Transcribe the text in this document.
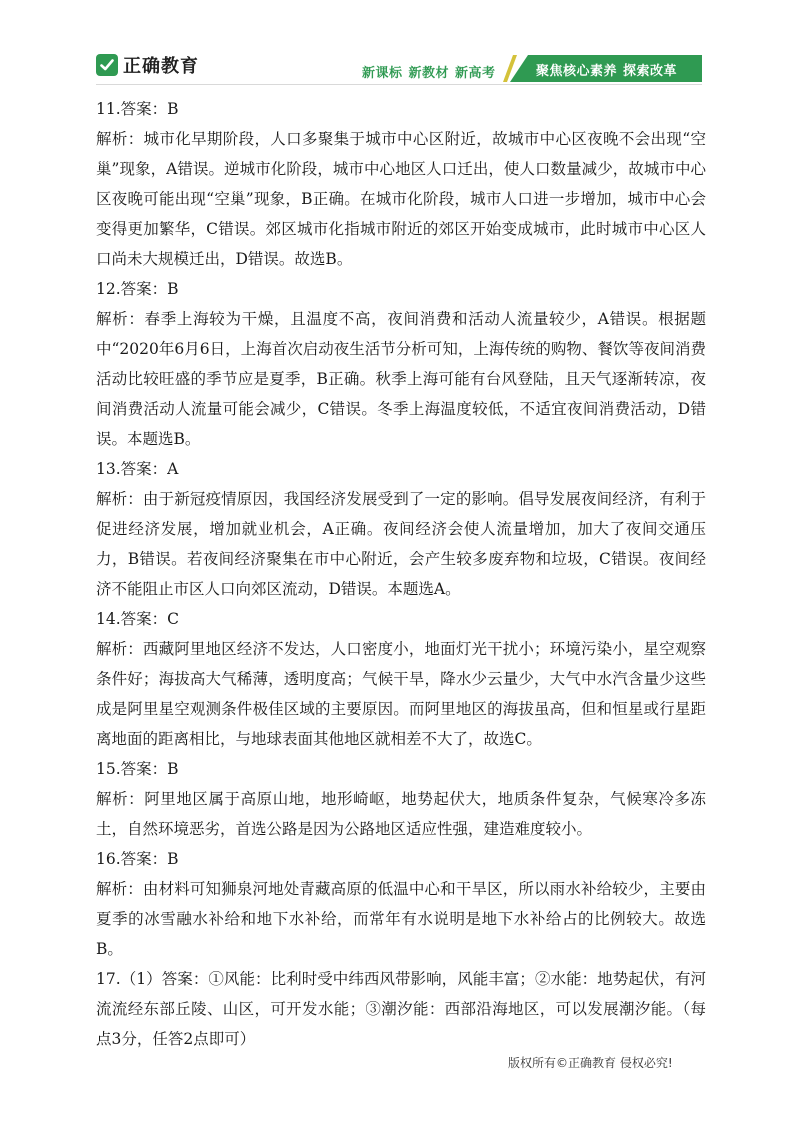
正确教育	新课标 新教材 新高考	聚焦核心素养 探索改革

11.答案：B

解析：城市化早期阶段，人口多聚集于城市中心区附近，故城市中心区夜晚不会出现“空巢”现象，A错误。逆城市化阶段，城市中心地区人口迁出，使人口数量减少，故城市中心区夜晚可能出现“空巢”现象，B正确。在城市化阶段，城市人口进一步增加，城市中心会变得更加繁华，C错误。郊区城市化指城市附近的郊区开始变成城市，此时城市中心区人口尚未大规模迁出，D错误。故选B。

12.答案：B

解析：春季上海较为干燥，且温度不高，夜间消费和活动人流量较少，A错误。根据题中“2020年6月6日，上海首次启动夜生活节分析可知，上海传统的购物、餐饮等夜间消费活动比较旺盛的季节应是夏季，B正确。秋季上海可能有台风登陆，且天气逐渐转凉，夜间消费活动人流量可能会减少，C错误。冬季上海温度较低，不适宜夜间消费活动，D错误。本题选B。

13.答案：A

解析：由于新冠疫情原因，我国经济发展受到了一定的影响。倡导发展夜间经济，有利于促进经济发展，增加就业机会，A正确。夜间经济会使人流量增加，加大了夜间交通压力，B错误。若夜间经济聚集在市中心附近，会产生较多废弃物和垃圾，C错误。夜间经济不能阻止市区人口向郊区流动，D错误。本题选A。

14.答案：C

解析：西藏阿里地区经济不发达，人口密度小，地面灯光干扰小；环境污染小，星空观察条件好；海拔高大气稀薄，透明度高；气候干旱，降水少云量少，大气中水汽含量少这些成是阿里星空观测条件极佳区域的主要原因。而阿里地区的海拔虽高，但和恒星或行星距离地面的距离相比，与地球表面其他地区就相差不大了，故选C。

15.答案：B

解析：阿里地区属于高原山地，地形崎岖，地势起伏大，地质条件复杂，气候寒冷多冻土，自然环境恶劣，首选公路是因为公路地区适应性强，建造难度较小。

16.答案：B

解析：由材料可知狮泉河地处青藏高原的低温中心和干旱区，所以雨水补给较少，主要由夏季的冰雪融水补给和地下水补给，而常年有水说明是地下水补给占的比例较大。故选B。

17.（1）答案：①风能：比利时受中纬西风带影响，风能丰富；②水能：地势起伏，有河流流经东部丘陵、山区，可开发水能；③潮汐能：西部沿海地区，可以发展潮汐能。（每点3分，任答2点即可）

版权所有©正确教育 侵权必究!
